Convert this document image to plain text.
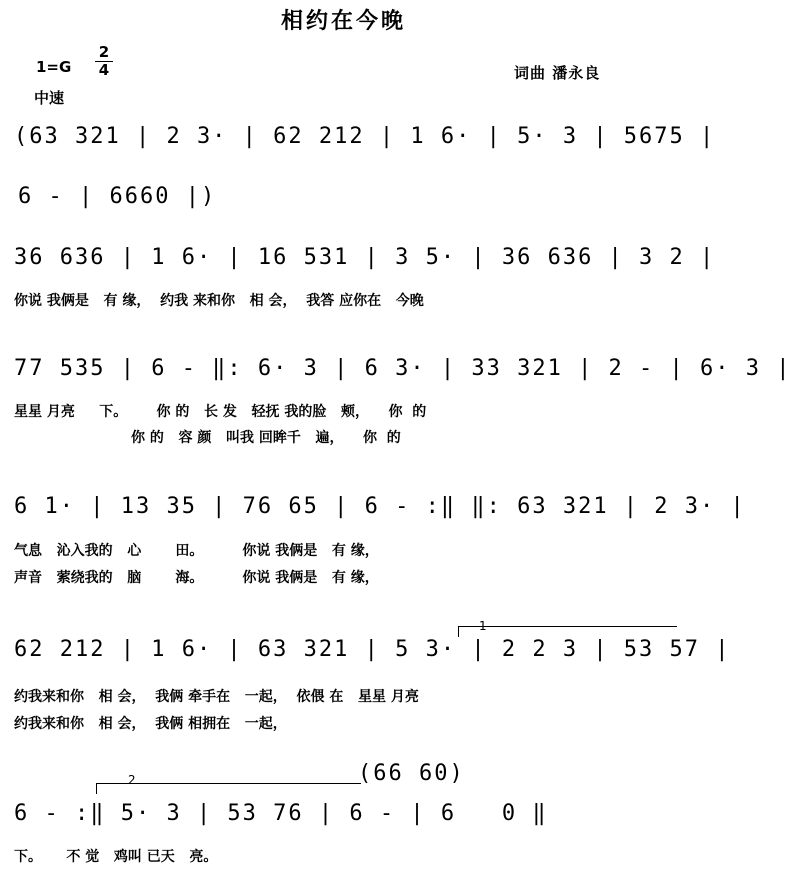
相约在今晚
1=G
2
4
中速
词曲 潘永良
(63 321 | 2 3· | 62 212 | 1 6· | 5· 3 | 5675 |
6 - | 6660 |)
36 636 | 1 6· | 16 531 | 3 5· | 36 636 | 3 2 |
你说 我俩是   有 缘，  约我 来和你   相 会，  我答 应你在   今晚
77 535 | 6 - ‖: 6· 3 | 6 3· | 33 321 | 2 - | 6· 3 |
星星 月亮     下。      你 的   长 发   轻抚 我的脸   颊，    你  的
你 的   容 颜   叫我 回眸千   遍，    你  的
6 1· | 13 35 | 76 65 | 6 - :‖ ‖: 63 321 | 2 3· |
气息   沁入我的   心       田。        你说 我俩是   有 缘，
声音   萦绕我的   脑       海。        你说 我俩是   有 缘，
1
62 212 | 1 6· | 63 321 | 5 3· | 2 2 3 | 53 57 |
约我来和你   相 会，  我俩 牵手在   一起，  依偎 在   星星 月亮
约我来和你   相 会，  我俩 相拥在   一起，
(66 60)
2
6 - :‖ 5· 3 | 53 76 | 6 - | 6   0 ‖
下。     不 觉   鸡叫 已天   亮。
